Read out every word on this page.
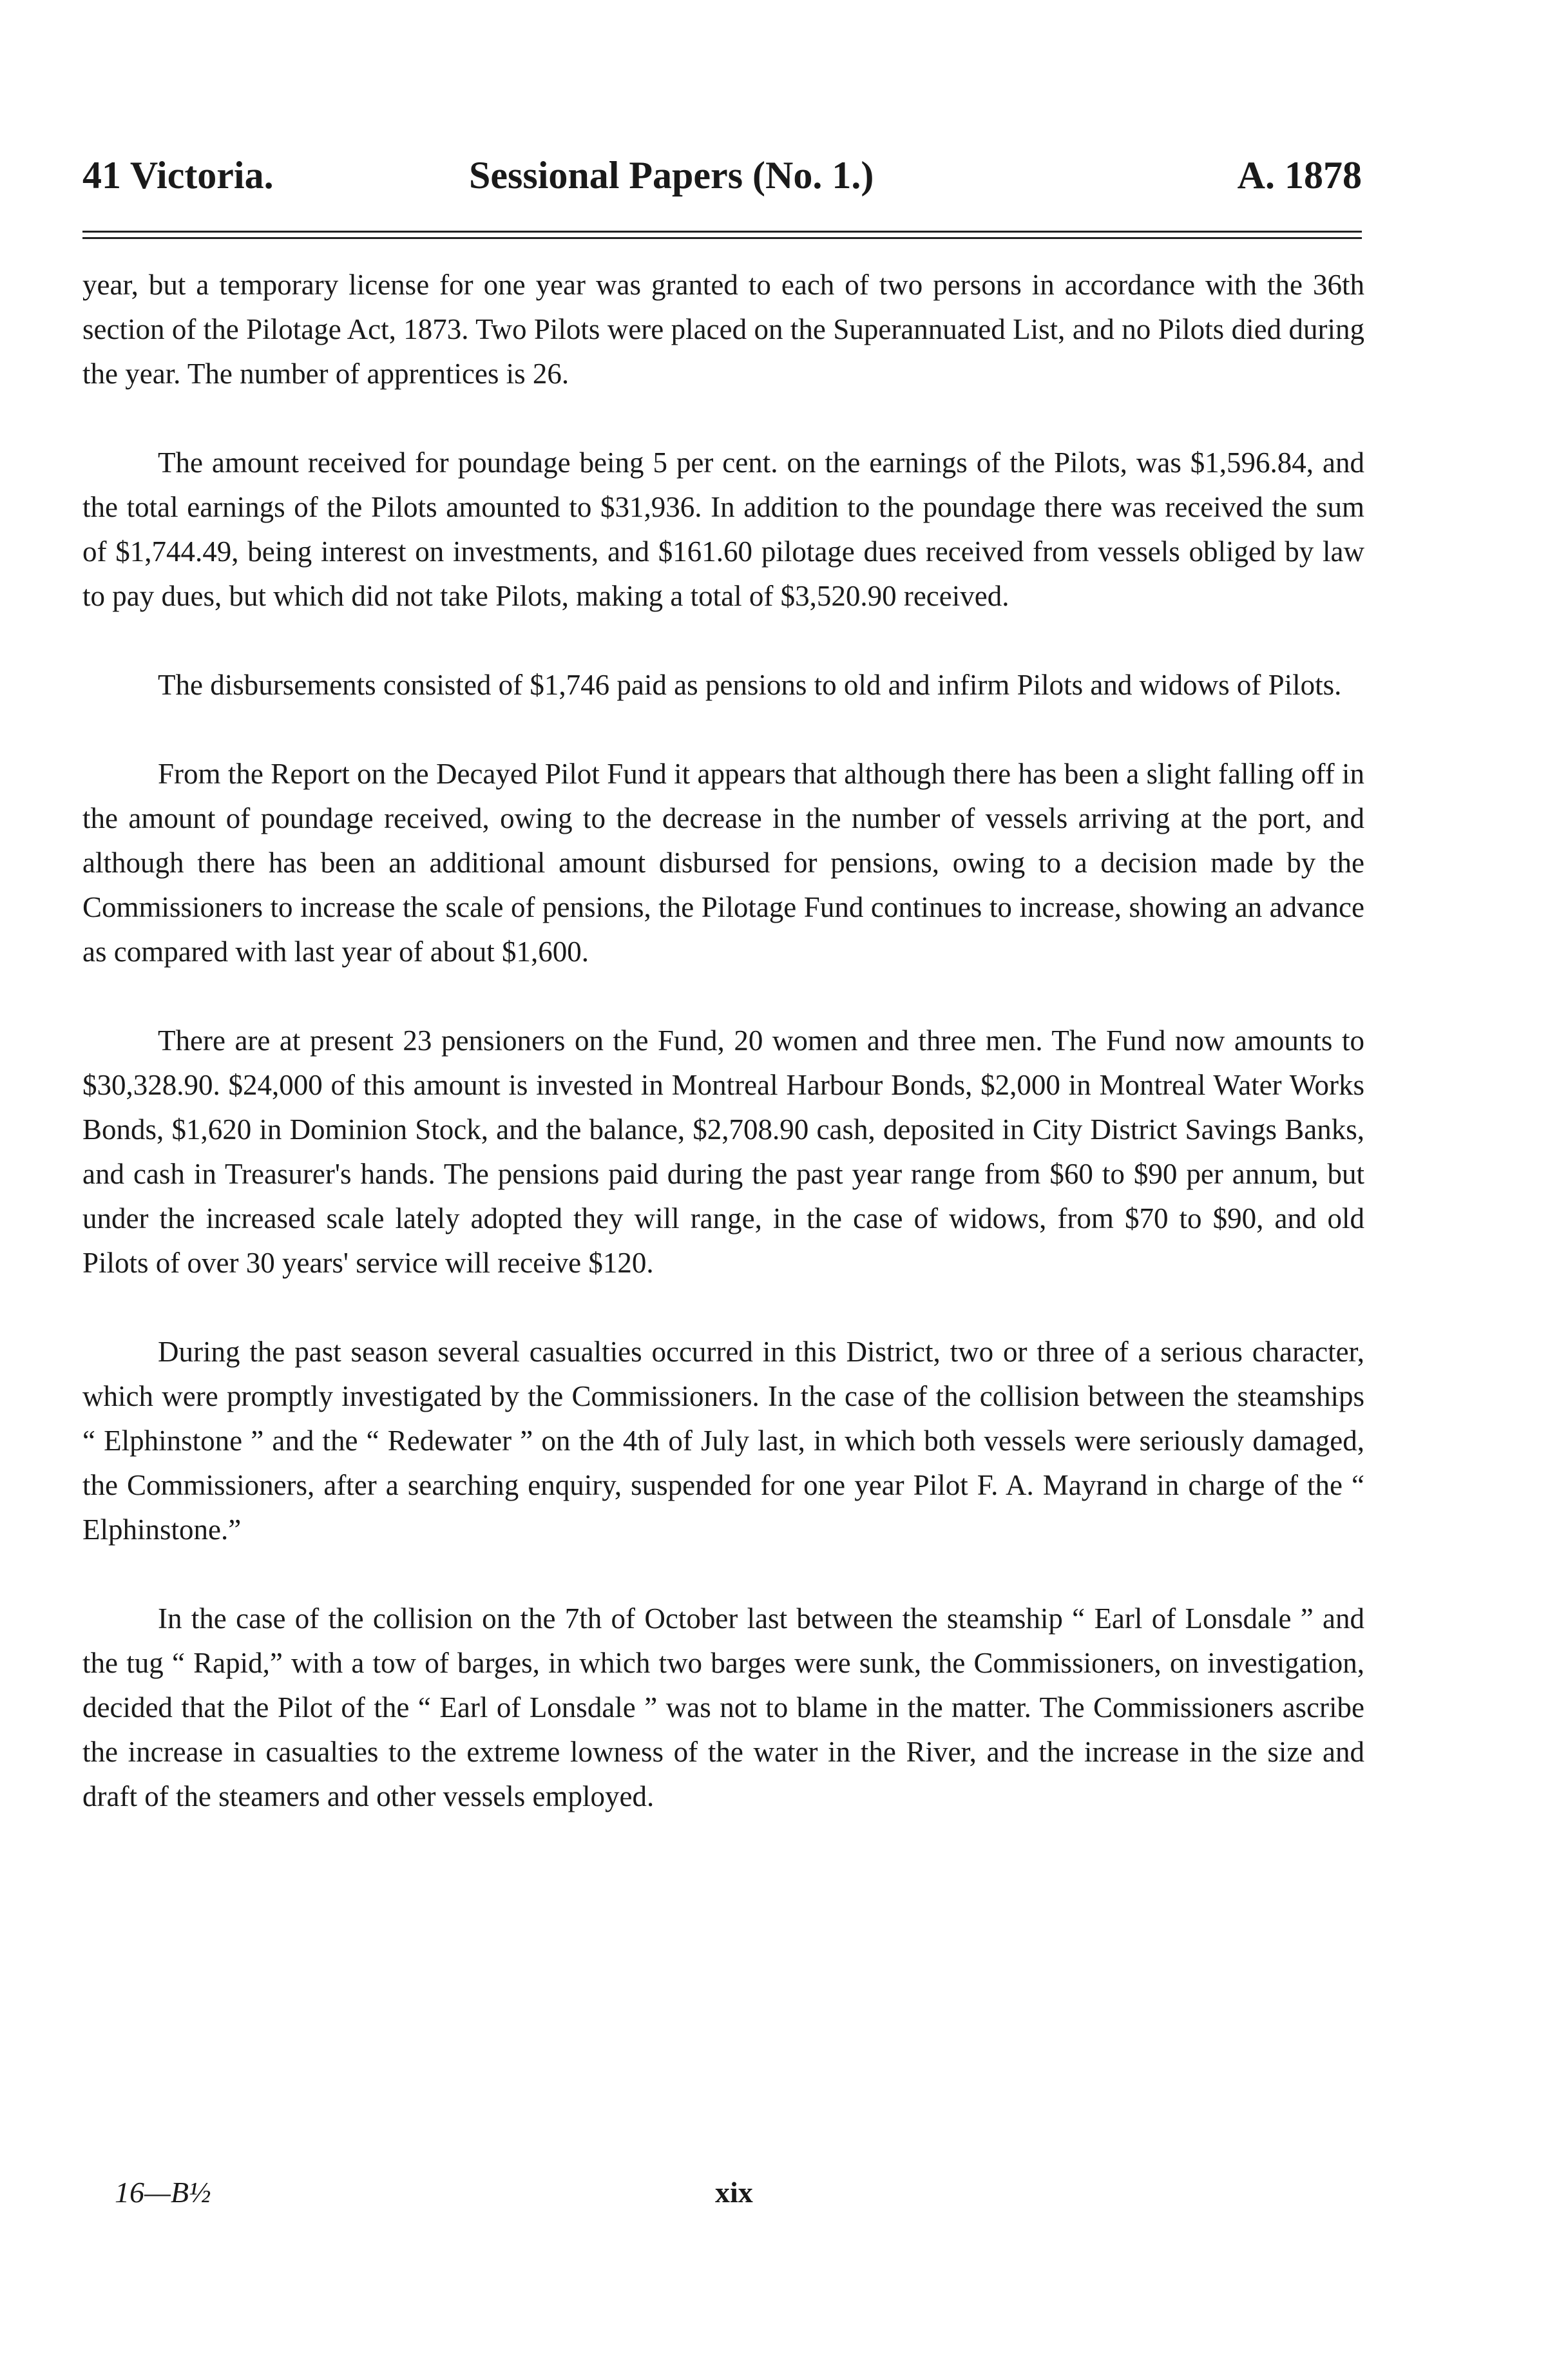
41 Victoria.	Sessional Papers (No. 1.)	A. 1878

year, but a temporary license for one year was granted to each of two persons in accordance with the 36th section of the Pilotage Act, 1873. Two Pilots were placed on the Superannuated List, and no Pilots died during the year. The number of apprentices is 26.

The amount received for poundage being 5 per cent. on the earnings of the Pilots, was $1,596.84, and the total earnings of the Pilots amounted to $31,936. In addition to the poundage there was received the sum of $1,744.49, being interest on investments, and $161.60 pilotage dues received from vessels obliged by law to pay dues, but which did not take Pilots, making a total of $3,520.90 received.

The disbursements consisted of $1,746 paid as pensions to old and infirm Pilots and widows of Pilots.

From the Report on the Decayed Pilot Fund it appears that although there has been a slight falling off in the amount of poundage received, owing to the decrease in the number of vessels arriving at the port, and although there has been an additional amount disbursed for pensions, owing to a decision made by the Commissioners to increase the scale of pensions, the Pilotage Fund continues to increase, showing an advance as compared with last year of about $1,600.

There are at present 23 pensioners on the Fund, 20 women and three men. The Fund now amounts to $30,328.90. $24,000 of this amount is invested in Montreal Harbour Bonds, $2,000 in Montreal Water Works Bonds, $1,620 in Dominion Stock, and the balance, $2,708.90 cash, deposited in City District Savings Banks, and cash in Treasurer's hands. The pensions paid during the past year range from $60 to $90 per annum, but under the increased scale lately adopted they will range, in the case of widows, from $70 to $90, and old Pilots of over 30 years' service will receive $120.

During the past season several casualties occurred in this District, two or three of a serious character, which were promptly investigated by the Commissioners. In the case of the collision between the steamships “ Elphinstone ” and the “ Redewater ” on the 4th of July last, in which both vessels were seriously damaged, the Commissioners, after a searching enquiry, suspended for one year Pilot F. A. Mayrand in charge of the “ Elphinstone.”

In the case of the collision on the 7th of October last between the steamship “ Earl of Lonsdale ” and the tug “ Rapid,” with a tow of barges, in which two barges were sunk, the Commissioners, on investigation, decided that the Pilot of the “ Earl of Lonsdale ” was not to blame in the matter. The Commissioners ascribe the increase in casualties to the extreme lowness of the water in the River, and the increase in the size and draft of the steamers and other vessels employed.

16—B½	xix
